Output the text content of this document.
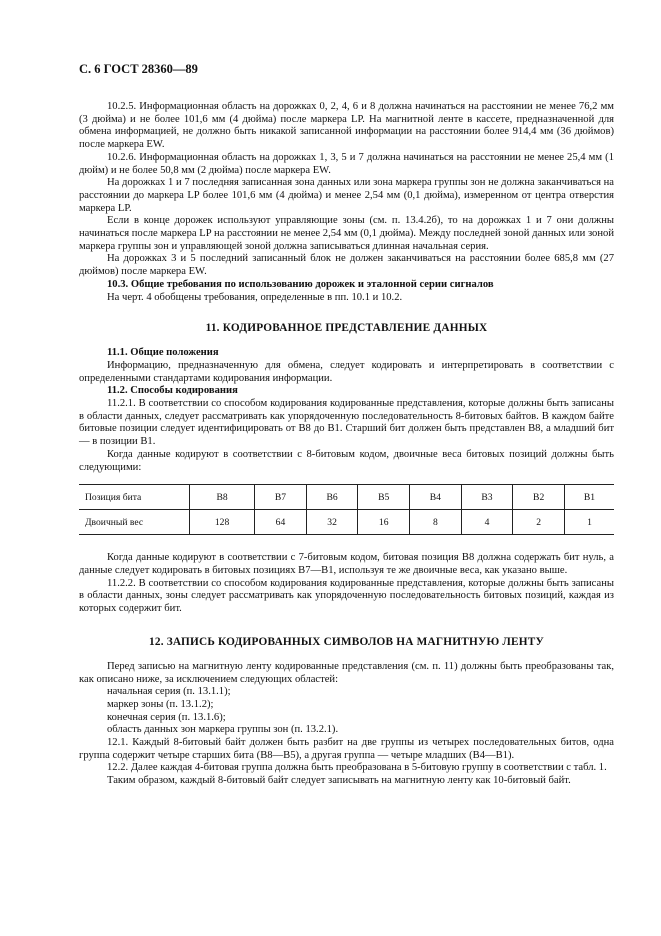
С. 6 ГОСТ 28360—89

10.2.5. Информационная область на дорожках 0, 2, 4, 6 и 8 должна начинаться на расстоянии не менее 76,2 мм (3 дюйма) и не более 101,6 мм (4 дюйма) после маркера LP. На магнитной ленте в кассете, предназначенной для обмена информацией, не должно быть никакой записанной информации на расстоянии более 914,4 мм (36 дюймов) после маркера EW.

10.2.6. Информационная область на дорожках 1, 3, 5 и 7 должна начинаться на расстоянии не менее 25,4 мм (1 дюйм) и не более 50,8 мм (2 дюйма) после маркера EW.

На дорожках 1 и 7 последняя записанная зона данных или зона маркера группы зон не должна заканчиваться на расстоянии до маркера LP более 101,6 мм (4 дюйма) и менее 2,54 мм (0,1 дюйма), измеренном от центра отверстия маркера LP.

Если в конце дорожек используют управляющие зоны (см. п. 13.4.2б), то на дорожках 1 и 7 они должны начинаться после маркера LP на расстоянии не менее 2,54 мм (0,1 дюйма). Между последней зоной данных или зоной маркера группы зон и управляющей зоной должна записываться длинная начальная серия.

На дорожках 3 и 5 последний записанный блок не должен заканчиваться на расстоянии более 685,8 мм (27 дюймов) после маркера EW.

10.3. Общие требования по использованию дорожек и эталонной серии сигналов

На черт. 4 обобщены требования, определенные в пп. 10.1 и 10.2.

11. КОДИРОВАННОЕ ПРЕДСТАВЛЕНИЕ ДАННЫХ

11.1. Общие положения

Информацию, предназначенную для обмена, следует кодировать и интерпретировать в соответствии с определенными стандартами кодирования информации.

11.2. Способы кодирования

11.2.1. В соответствии со способом кодирования кодированные представления, которые должны быть записаны в области данных, следует рассматривать как упорядоченную последовательность 8-битовых байтов. В каждом байте битовые позиции следует идентифицировать от B8 до B1. Старший бит должен быть представлен B8, а младший бит — в позиции B1.

Когда данные кодируют в соответствии с 8-битовым кодом, двоичные веса битовых позиций должны быть следующими:

Позиция бита	B8	B7	B6	B5	B4	B3	B2	B1
Двоичный вес	128	64	32	16	8	4	2	1

Когда данные кодируют в соответствии с 7-битовым кодом, битовая позиция B8 должна содержать бит нуль, а данные следует кодировать в битовых позициях B7—B1, используя те же двоичные веса, как указано выше.

11.2.2. В соответствии со способом кодирования кодированные представления, которые должны быть записаны в области данных, зоны следует рассматривать как упорядоченную последовательность битовых позиций, каждая из которых содержит бит.

12. ЗАПИСЬ КОДИРОВАННЫХ СИМВОЛОВ НА МАГНИТНУЮ ЛЕНТУ

Перед записью на магнитную ленту кодированные представления (см. п. 11) должны быть преобразованы так, как описано ниже, за исключением следующих областей:

начальная серия (п. 13.1.1);

маркер зоны (п. 13.1.2);

конечная серия (п. 13.1.6);

область данных зон маркера группы зон (п. 13.2.1).

12.1. Каждый 8-битовый байт должен быть разбит на две группы из четырех последовательных битов, одна группа содержит четыре старших бита (B8—B5), а другая группа — четыре младших (B4—B1).

12.2. Далее каждая 4-битовая группа должна быть преобразована в 5-битовую группу в соответствии с табл. 1.

Таким образом, каждый 8-битовый байт следует записывать на магнитную ленту как 10-битовый байт.
